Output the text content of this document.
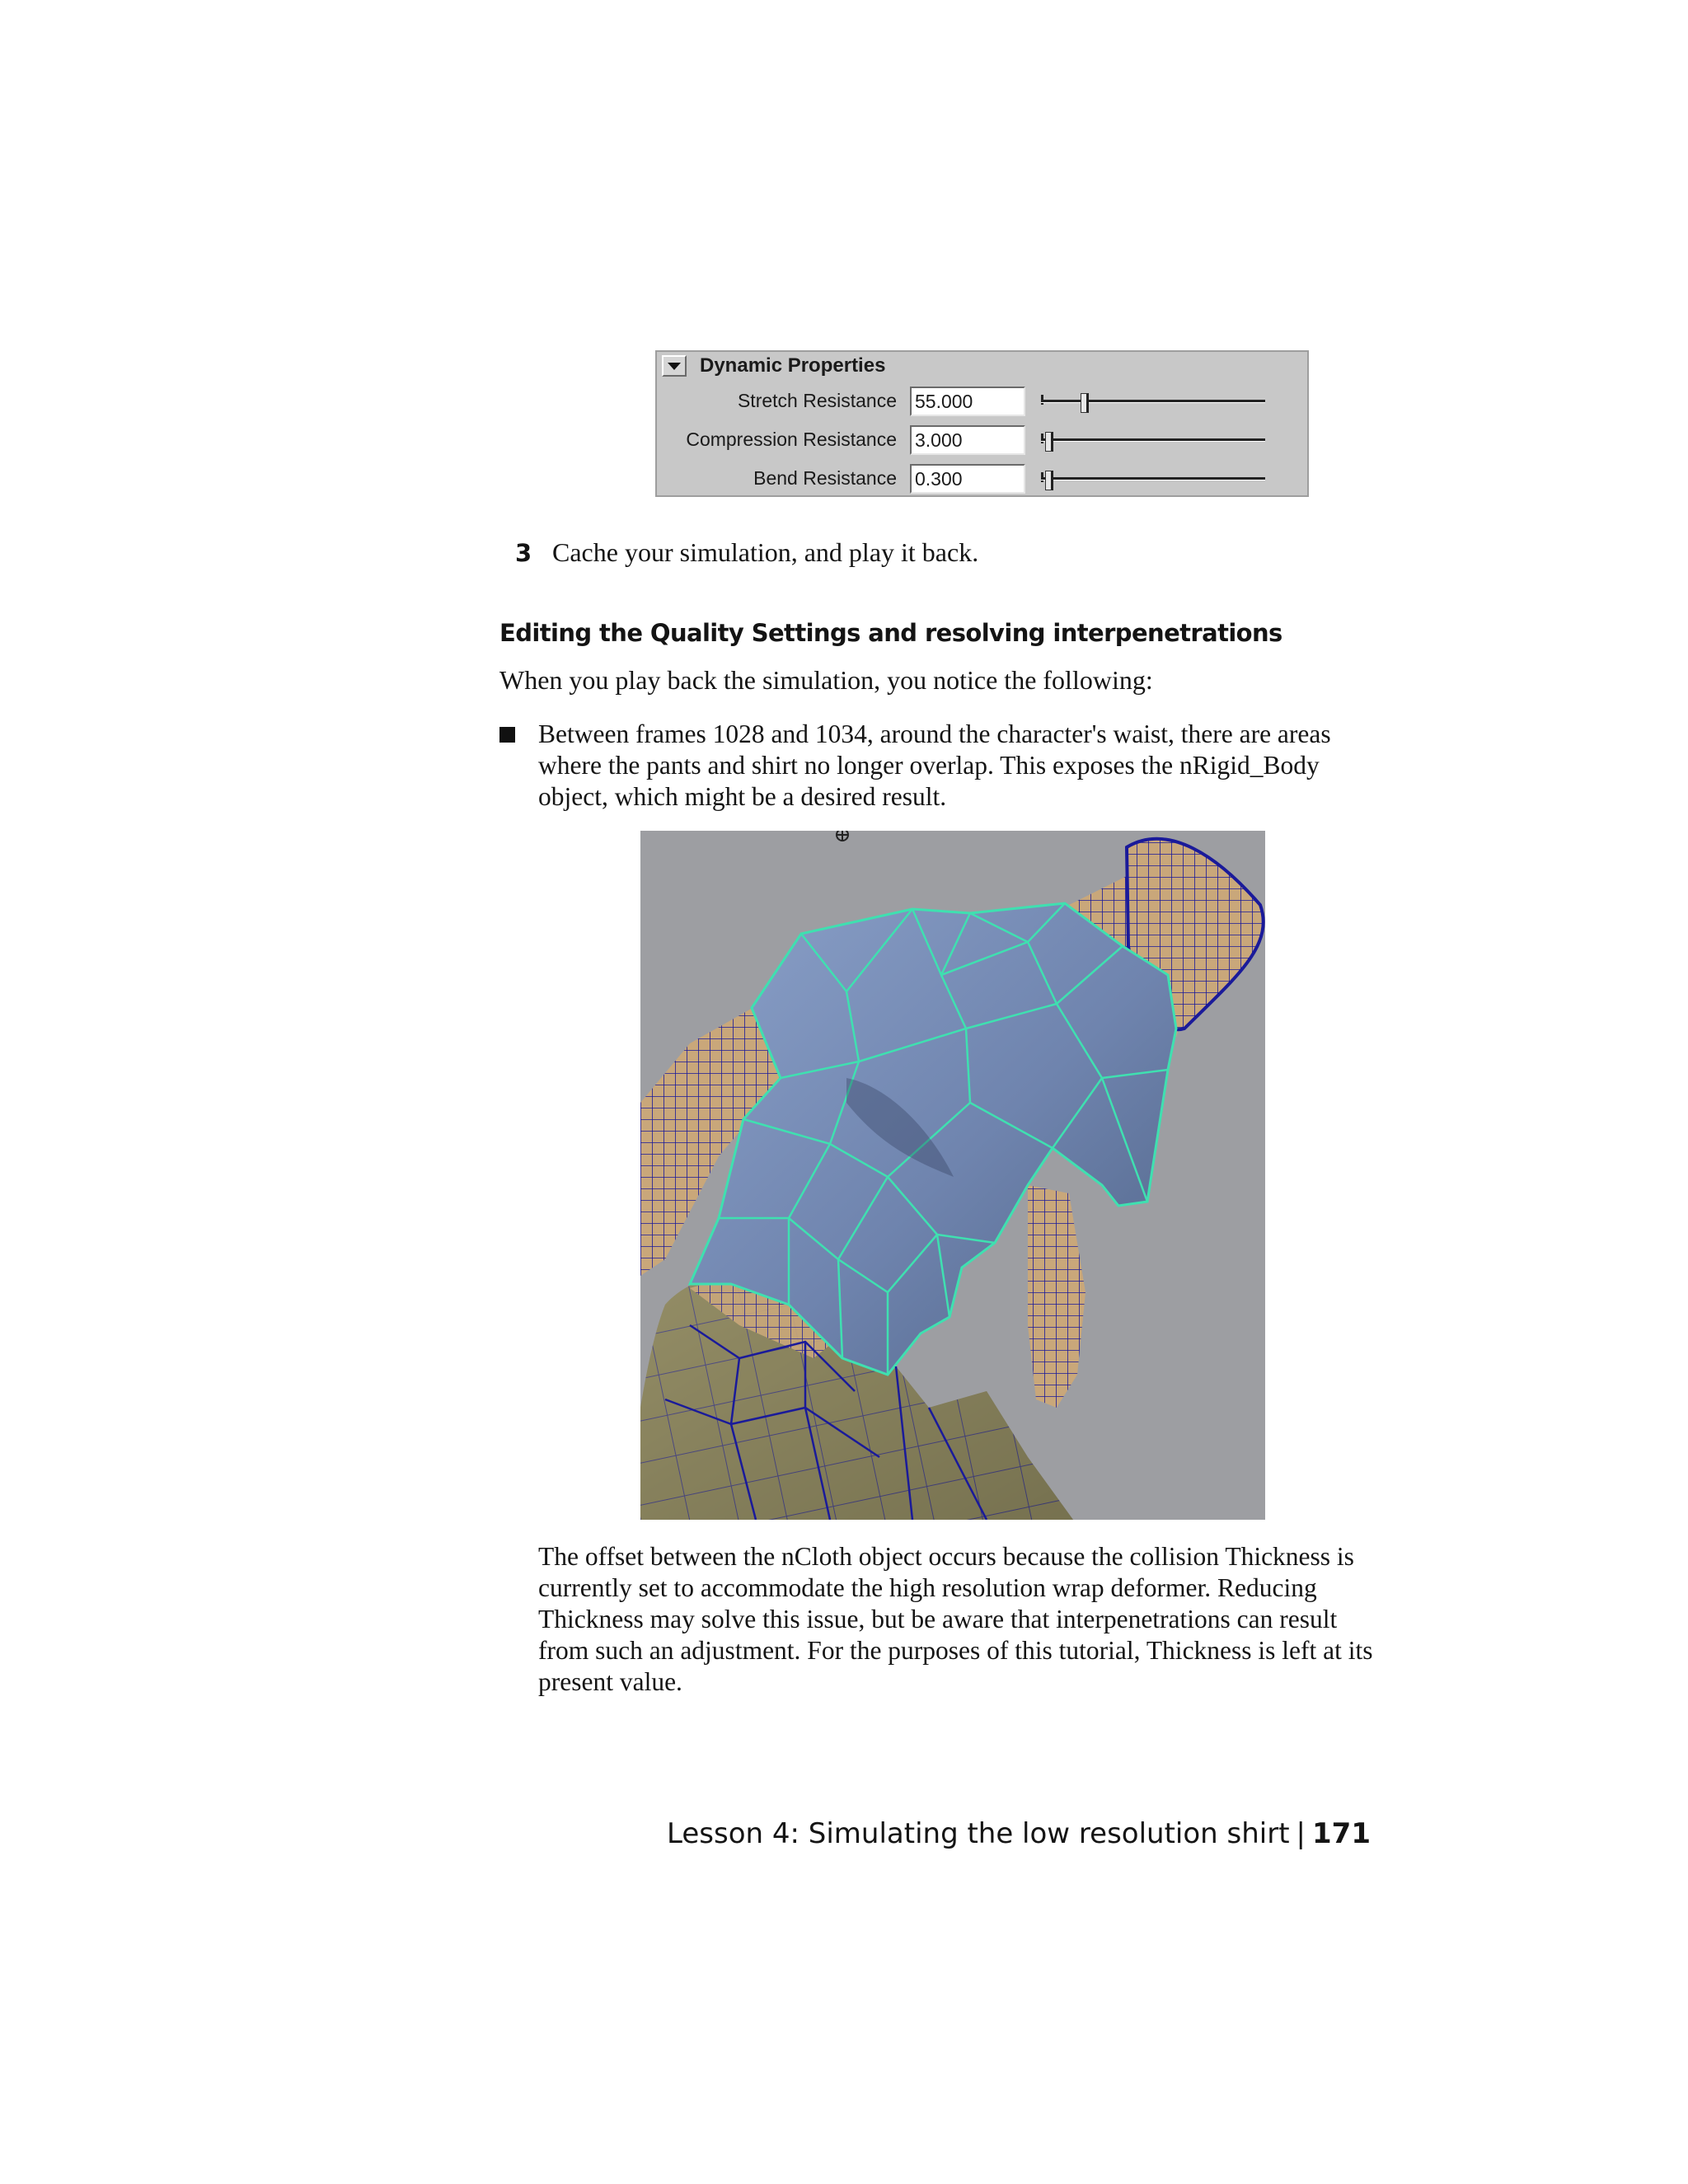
Dynamic Properties
Stretch Resistance 55.000
Compression Resistance 3.000
Bend Resistance 0.300
3 Cache your simulation, and play it back.
Editing the Quality Settings and resolving interpenetrations
When you play back the simulation, you notice the following:
Between frames 1028 and 1034, around the character's waist, there are areas where the pants and shirt no longer overlap. This exposes the nRigid_Body object, which might be a desired result.
The offset between the nCloth object occurs because the collision Thickness is currently set to accommodate the high resolution wrap deformer. Reducing Thickness may solve this issue, but be aware that interpenetrations can result from such an adjustment. For the purposes of this tutorial, Thickness is left at its present value.
Lesson 4: Simulating the low resolution shirt | 171
